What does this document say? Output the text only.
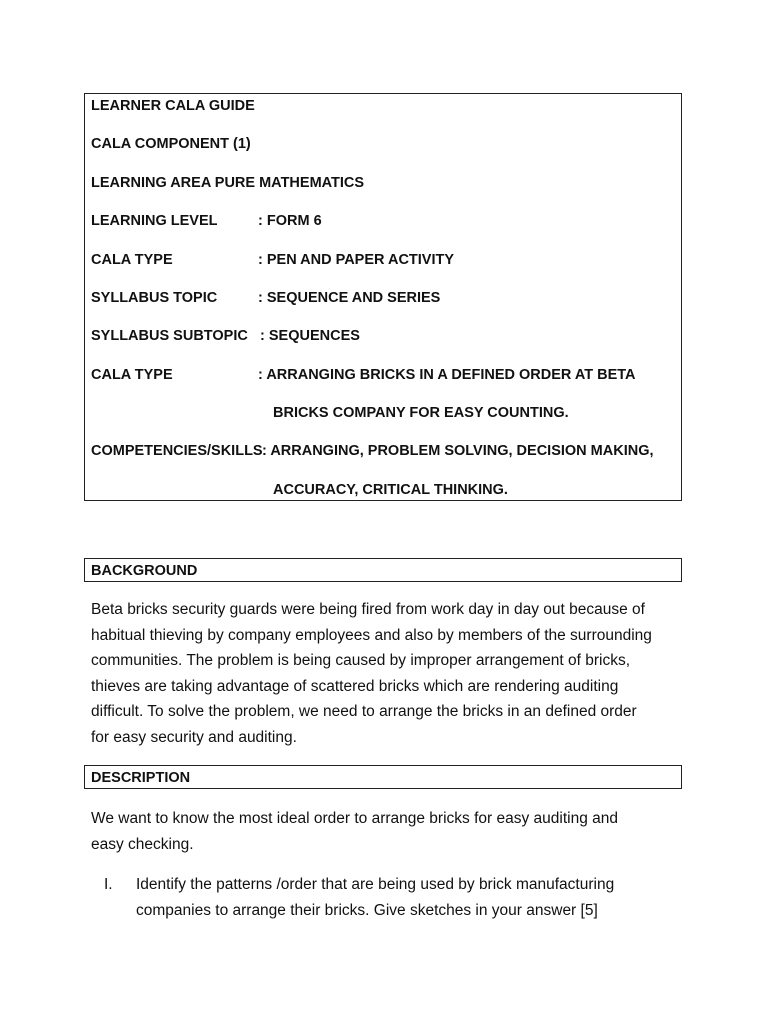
LEARNER CALA GUIDE
CALA COMPONENT (1)
LEARNING AREA PURE MATHEMATICS
LEARNING LEVEL	: FORM 6
CALA TYPE	: PEN AND PAPER ACTIVITY
SYLLABUS TOPIC	: SEQUENCE AND SERIES
SYLLABUS SUBTOPIC : SEQUENCES
CALA TYPE	: ARRANGING BRICKS IN A DEFINED ORDER AT BETA
BRICKS COMPANY FOR EASY COUNTING.
COMPETENCIES/SKILLS : ARRANGING, PROBLEM SOLVING, DECISION MAKING,
ACCURACY, CRITICAL THINKING.
BACKGROUND
Beta bricks security guards were being fired from work day in day out because of
habitual thieving by company employees and also by members of the surrounding
communities. The problem is being caused by improper arrangement of bricks,
thieves are taking advantage of scattered bricks which are rendering auditing
difficult. To solve the problem, we need to arrange the bricks in an defined order
for easy security and auditing.
DESCRIPTION
We want to know the most ideal order to arrange bricks for easy auditing and
easy checking.
I. Identify the patterns /order that are being used by brick manufacturing
companies to arrange their bricks. Give sketches in your answer [5]
